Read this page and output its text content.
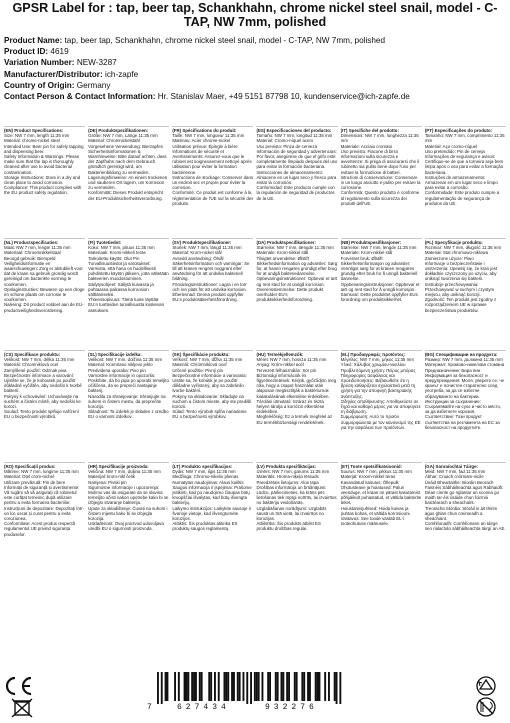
GPSR Label for : tap, beer tap, Schankhahn, chrome nickel steel snail, model - C-TAP, NW 7mm, polished
Product Name: tap, beer tap, Schankhahn, chrome nickel steel snail, model - C-TAP, NW 7mm, polished
Product ID: 4619
Variation Number: NEW-3287
Manufacturer/Distributor: ich-zapfe
Country of Origin: Germany
Contact Person & Contact Information: Hr. Stanislav Maer, +49 5151 87798 10, kundenservice@ich-zapfe.de
(EN) Product Specifications:
Size: NW 7 mm, length 11:35 mm
Material: chrome-nickel steel
Intended Use: Beer pin for safely tapping and dispensing beer.
Safety Information & Warnings: Please make sure that the tap is thoroughly cleaned after use to avoid bacterial contamination.
Storage Instructions: Store in a dry and clean place to avoid corrosion.
Compliance: This product complies with the EU product safety regulation.
(DE) Produktspezifikationen:
Größe: NW 7 mm, Länge 11:35 mm
Material: Chromnickelstahl
Vorgesehene Verwendung: Bierzapfen
Sicherheitsinformationen & Warnhinweise: Bitte darauf achten, dass der Zapfhahn nach dem Gebrauch gründlich gereinigt wird, um Bakterienbildung zu vermeiden.
Lagerungshinweise: An einem trockenen und sauberen Ort lagern, um Korrosion zu vermeiden.
Konformität: Dieses Produkt entspricht der EU-Produktsicherheitsverordnung.
(FR) Spécifications du produit:
Taille: NW 7 mm, longueur 11:35 mm
Matériau: Acier chrome-nickel
Utilisation prévue: Épingle à bière
Informations de sécurité et Avertissements: Assurez-vous que le robinet est soigneusement nettoyé après utilisation pour éviter la formation bactérienne.
Instructions de stockage: Conserver dans un endroit sec et propre pour éviter la corrosion.
Conformité: Ce produit est conforme à la réglementation de l'UE sur la sécurité des produits.
(ES) Especificaciones del producto:
Tamaño: NW 7 mm, longitud 11:35 mm
Material: Cromo-níquel acero
Uso previsto: Pinza de cerveza
Información de seguridad y advertencias: Por favor, asegúrese de que el grifo esté completamente limpiado después del uso para evitar la formación bacteriana.
Instrucciones de almacenamiento: Almacene en un lugar seco y fresco para evitar la corrosión.
Conformidad: Este producto cumple con la regulación de seguridad de productos de la UE.
(IT) Specifiche del prodotto:
Dimensioni: NW 7 mm, lunghezza 11:35 mm
Materiale: Acciaio cromato
Uso previsto: Fiacone di birra
Informazioni sulla sicurezza e avvertenze: Si prega di assicurarsi che il rubinetto sia pulito bene dopo l'uso per evitare la formazione di batteri.
Istruzioni di conservazione: Conservare in un luogo asciutto e pulito per evitare la corrosione.
Conformità: Questo prodotto è conforme al regolamento sulla sicurezza dei prodotti dell'UE.
(PT) Especificações do produto:
Tamanho: NW 7 mm, comprimento 11:35 mm
Material: Aço cromo-níquel
Uso pretendido: Pin de cerveja
Informações de segurança e avisos: Certifique-se de que a torneira seja bem limpa após o uso para evitar a formação bacteriana.
Instruções de armazenamento: Armazenar em um lugar seco e limpo para evitar a corrosão.
Conformidade: Este produto cumpre a regulamentação de segurança de produtos da UE.
(NL) Productspecificaties:
Maat: NW 7 mm, lengte 11:35 mm
Materiaal: Chroomnikkelstaal
Beoogd gebruik: Bierspeld
Veiligheidsinformatie en waarschuwingen: Zorg er alstublieft voor dat de kraan na gebruik grondig wordt gereinigd om bacteriële vorming te voorkomen.
Opslaginstructies: Bewaren op een droge en schone plaats om corrosie te voorkomen.
Naleving: Dit product voldoet aan de EU-productveiligheidsverordening.
(FI) Tuotetiedot:
Koko: NW 7 mm, pituus 11:35 mm
Materiaali: Kromi-nikkeli teräs
Tarkoitettu käyttö: Olut Pin
Turvallisuustiedot ja varoitukset: Varmista, että hana on huolellisesti puhdistettu käytön jälkeen, jotta vältetään bakteerien muodostuminen.
Säilytysohjeet: Säilytä kuivassa ja puhtaassa paikassa korroosion välttämiseksi.
Yhteensopivuus: Tämä tuote täyttää EU:n tuotteiden turvallisuutta koskevan asetuksen.
(SV) Produktspecifikationer:
Storlek: NW 7 mm, längd 11:35 mm
Material: Krom-nickel stål
Avsedd användning: Ölnål
Säkerhetsinformation och varningar: Se till att kranen rengörs noggrant efter användning för att undvika bakteriell bildning.
Förvaringsinstruktioner: Lagra i en torr och ren plats för att undvika korrosion.
Efterlevnad: Denna produkt uppfyller EU:s produktsäkerhetsförordning.
(DA) Produktspecifikationer:
Størrelse: NW 7 mm, længde 11:35 mm
Materiale: Krom-nikkel stål
Tilsigtet anvendelse: Ølstift
Sikkerhedsinformation og advarsler: Sørg for, at hanen rengøres grundigt efter brug for at undgå bakteriedannelse.
Opbevaringsinstruktioner: Opbevar et tørt og rent sted for at undgå korrosion.
Overensstemmelse: Dette produkt overholder EU's produktsikkerhedsforordning.
(NB) Produktspesifikasjoner:
Størrelse: NW 7 mm, lengde 11:35 mm
Materiale: Krom-nikkel stål
Forventet bruk: Ølstift
Sikkerhetsinformasjon og advarsler: Vennligst sørg for at kranen rengjøres grundig etter bruk for å unngå bakteriell dannelse.
Oppbevaringsinstruksjoner: Oppbevar et tørt og rent sted for å unngå korrosjon.
Samsvar: Dette produktet oppfyller EUs forordning om produktsikkerhet.
(PL) Specyfikacje produktu:
Rozmiar: NW 7 mm, długość 11:35 mm
Materiał: Stal chromowo-niklowa
Zamierzone użycie: Piwo
Informacje o bezpieczeństwie i ostrzeżenia: Upewnij się, że kran jest dokładnie czyszczony po użyciu, aby uniknąć tworzenia się bakterii.
Instrukcje przechowywania: Przechowywać w suchym i czystym miejscu, aby uniknąć korozji.
Zgodność: Ten produkt jest zgodny z rozporządzeniem UE w sprawie bezpieczeństwa produktów.
(CS) Specifikace produktu:
Velikost: NW 7 mm, délka 11:35 mm
Materiál: Chromniklová ocel
Zamýšlené použití: Odznak piva
Bezpečnostní informace a varování: Ujistěte se, že je kohoutek po použití důkladně vyčištěn, aby nedošlo k tvorbě bakterií.
Pokyny k uchovávání: Uchovávejte na suchém a čistém místě, aby nedošlo ke korozi.
Soulad: Tento produkt splňuje nařízení EU o bezpečnosti výrobků.
(SL) Specifikacije izdelka:
Velikost: NW 7 mm, dolžina 11:35 mm
Material: Kromirano nikljevo jeklo
Predvidena uporaba: Pivo pin
Varnostne informacije in opozorila: Poskrbite, da bo pipa po uporabi temeljito očiščena, da se prepreči nastajanje bakterij.
Navodila za shranjevanje: Shranjujte na suhem in čistem mestu, da preprečite korozijo.
Skladnost: Ta izdelek je skladen z uredbo EU o varnosti izdelkov.
(SK) Špecifikácie produktu:
Veľkosť: NW 7 mm, dĺžka 11:35 mm
Materiál: Chrómniklová oceľ
Určené použitie: Pivný pin
Bezpečnostné informácie a varovania: Uistite sa, že kohútik je po použití dôkladne vyčistený, aby sa zabránilo tvorbe baktérií.
Pokyny na skladovanie: Skladujte na suchom a čistom mieste, aby ste predišli korózii.
Súlad: Tento výrobok spĺňa nariadenie EÚ o bezpečnosti výrobkov.
(HU) Termékjellemzők:
Méret: NW 7 mm, hossza 11:35 mm
Anyag: Króm-nikkel acél
Tervezett felhasználás: Sör pin
Biztonsági információk és figyelmeztetések: Kérjük, győződjön meg róla, hogy a csapot használat után alaposan megtisztítják a baktériumok kialakulásának elkerülése érdekében.
Tárolási útmutató: Száraz és tiszta helyen tárolja a korrózió elkerülése érdekében.
Megfelelőség: Ez a termék megfelel az EU termékbiztonsági rendeletének.
(EL) Προδιαγραφές προϊόντος:
Μέγεθος: NW 7 mm, μήκος 11:35 mm
Υλικό: Χάλυβας χρωμίου-νικελίου
Προβλεπόμενη χρήση: Πείρος μπύρας
Πληροφορίες ασφάλειας και προειδοποιήσεις: Βεβαιωθείτε ότι η βρύση καθαρίζεται σχολαστικά μετά τη χρήση για την αποφυγή βακτηριακής ανάπτυξης.
Οδηγίες αποθήκευσης: Αποθηκεύστε σε ξηρό και καθαρό μέρος για να αποφύγετε τη διάβρωση.
Συμμόρφωση: Αυτό το προϊόν συμμορφώνεται με τον κανονισμό της ΕΕ για την ασφάλεια των προϊόντων.
(BG) Спецификации на продукта:
Размер: NW 7 mm, дължина 11:35 mm
Материал: Хромово-никелова стомана
Предназначение: Бира пин
Информация за безопасност и предупреждения: Моля, уверете се, че кранът е почистен старателно след употреба, за да се избегне образуването на бактерии.
Инструкции за съхранение: Съхранявайте на сухо и чисто място, за да избегнете корозия.
Съответствие: Този продукт съответства на регламента на ЕС за безопасност на продуктите.
(RO) Specificații produs:
Mărime: NW 7 mm, lungime 11:35 mm
Material: Oțel crom-nichel
Utilizare prevăzută: Pin de bere
Informații de siguranță și avertismente: Vă rugăm să vă asigurați că robinetul este curățat temeinic după utilizare pentru a evita formarea bacteriilor.
Instrucțiuni de depozitare: Depozitați într-un loc uscat și curat pentru a evita coroziunea.
Conformitate: Acest produs respectă regulamentul UE privind siguranța produselor.
(HR) Specifikacije proizvoda:
Veličina: NW 7 mm, duljina 11:35 mm
Materijal: krom-nikl čelik
Namjena: Pivski pin
Sigurnosne informacije i upozorenja: Molimo vas da osigurate da se slavina temeljito očisti nakon upotrebe kako bi se izbjeglo stvaranje bakterija.
Upute za skladištenje: Čuvati na suhom i čistom mjestu kako bi se izbjegla korozija.
Usklađenost: Ovaj proizvod udovoljava uredbi EU o sigurnosti proizvoda.
(LT) Produkto specifikacijos:
Dydis: NW 7 mm, ilgis 11:35 mm
Medžiaga: Chromo-nikelio plienas
Numatytas naudojimas: Alaus kaištis
Saugos informacija ir įspėjimai: Prašome įsitikinti, kad po naudojimo čiaupas būtų kruopščiai išvalytas, kad būtų išvengta bakterijų.
Laikymo instrukcijos: Laikykite sausoje ir švarioje vietoje, kad išvengtumėte korozijos.
Atitiktis: Šis produktas atitinka ES produktų saugos reglamentą.
(LV) Produkta specifikācijas:
Izmērs: NW 7 mm, garums 11:35 mm
Materiāls: Hroma-niķeļa tērauds
Paredzētais lietojums: Alus tapa
Drošības informācija un brīdinājumi: Lūdzu, pārliecinieties, ka krāns pēc lietošanas tiek rūpīgi notīrīts, lai izvairītos no baktēriju veidošanās.
Uzglabāšanas norādījumi: Uzglabāt sausā un tīrā vietā, lai izvairītos no korozijas.
Atbilstība: Šis produkts atbilst ES produktu drošības regulai.
(ET) Toote spetsifikatsioonid:
Suurus: NW 7 mm, pikkus 11:35 mm
Materjal: Kroom-nikkel teras
Kavandatud kasutus: Õllepulk
Ohutusteave ja hoiatused: Palun veenduge, et kraan on pärast kasutamist põhjalikult puhastatud, et vältida bakterite teket.
Hoiustamisjuhised: Hoida kuivas ja puhtas kohas, et vältida korrosiooni.
Vastavus: See toode vastab EL-i tooteohutuse määrusele.
(GA) Sonraíochtaí Táirge:
Méid: NW 7 mm, fad 11:35 mm
Ábhar: Cruach cróimiam-nicile
Úsáid Bheartaithe: Bioráin Beorach
Faisnéis Sábháilteachta agus Rabhaidh: Déan cinnte go nglantar an sconna go maith tar éis úsáide chun foirmiú baictéarach a sheachaint.
Treoracha Stórála: Stóráil in áit thirim agus ghlan chun creimeadh a sheachaint.
Comhlíonadh: Comhlíonann an táirge seo rialachán sábháilteachta táirgí an AE.
7	627434	932276
